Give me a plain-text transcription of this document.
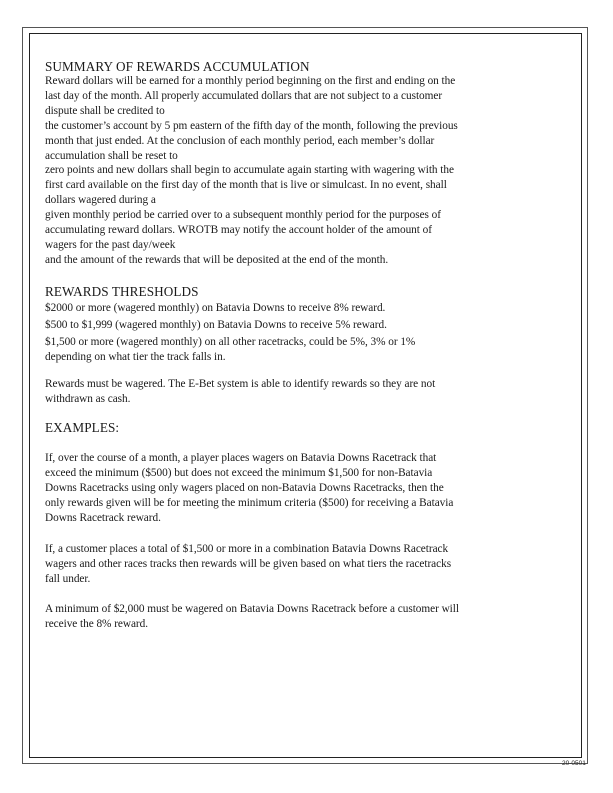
SUMMARY OF REWARDS ACCUMULATION

Reward dollars will be earned for a monthly period beginning on the first and ending on the
last day of the month. All properly accumulated dollars that are not subject to a customer
dispute shall be credited to
the customer’s account by 5 pm eastern of the fifth day of the month, following the previous
month that just ended. At the conclusion of each monthly period, each member’s dollar
accumulation shall be reset to
zero points and new dollars shall begin to accumulate again starting with wagering with the
first card available on the first day of the month that is live or simulcast. In no event, shall
dollars wagered during a
given monthly period be carried over to a subsequent monthly period for the purposes of
accumulating reward dollars. WROTB may notify the account holder of the amount of
wagers for the past day/week
and the amount of the rewards that will be deposited at the end of the month.

REWARDS THRESHOLDS

$2000 or more (wagered monthly) on Batavia Downs to receive 8% reward.

$500 to $1,999 (wagered monthly) on Batavia Downs to receive 5% reward.

$1,500 or more (wagered monthly) on all other racetracks, could be 5%, 3% or 1%
depending on what tier the track falls in.

Rewards must be wagered. The E-Bet system is able to identify rewards so they are not
withdrawn as cash.

EXAMPLES:

If, over the course of a month, a player places wagers on Batavia Downs Racetrack that
exceed the minimum ($500) but does not exceed the minimum $1,500 for non-Batavia
Downs Racetracks using only wagers placed on non-Batavia Downs Racetracks, then the
only rewards given will be for meeting the minimum criteria ($500) for receiving a Batavia
Downs Racetrack reward.

If, a customer places a total of $1,500 or more in a combination Batavia Downs Racetrack
wagers and other races tracks then rewards will be given based on what tiers the racetracks
fall under.

A minimum of $2,000 must be wagered on Batavia Downs Racetrack before a customer will
receive the 8% reward.

20-0501
